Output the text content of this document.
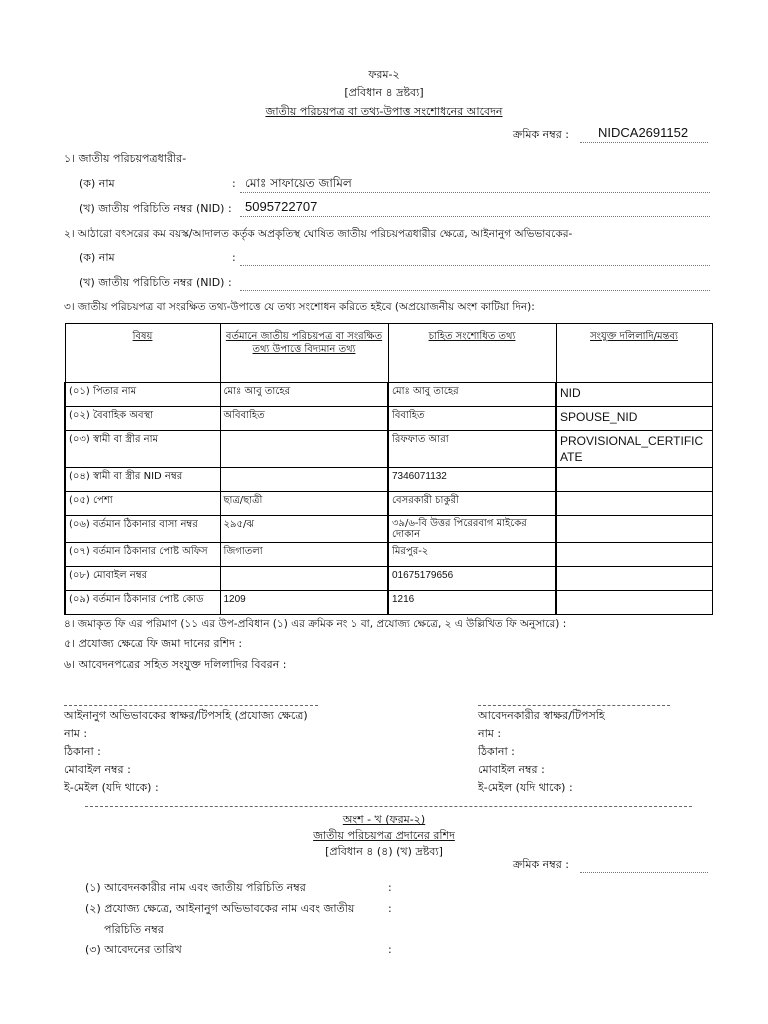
ফরম-২
[প্রবিধান ৪ দ্রষ্টব্য]
জাতীয় পরিচয়পত্র বা তথ্য-উপাত্ত সংশোধনের আবেদন
ক্রমিক নম্বর : NIDCA2691152
১। জাতীয় পরিচয়পত্রধারীর-
(ক) নাম	: মোঃ সাফায়েত জামিল
(খ) জাতীয় পরিচিতি নম্বর (NID) : 5095722707
২। আঠারো বৎসরের কম বয়স্ক/আদালত কর্তৃক অপ্রকৃতিস্থ ঘোষিত জাতীয় পরিচয়পত্রধারীর ক্ষেত্রে, আইনানুগ অভিভাবকের-
(ক) নাম	:
(খ) জাতীয় পরিচিতি নম্বর (NID) :
৩। জাতীয় পরিচয়পত্র বা সংরক্ষিত তথ্য-উপাত্তে যে তথ্য সংশোধন করিতে হইবে (অপ্রয়োজনীয় অংশ কাটিয়া দিন):
বিষয়	বর্তমানে জাতীয় পরিচয়পত্র বা সংরক্ষিত তথ্য উপাত্তে বিদ্যমান তথ্য	চাহিত সংশোধিত তথ্য	সংযুক্ত দলিলাদি/মন্তব্য
(০১) পিতার নাম	মোঃ আবু তাহের	মোঃ আবু তাহের	NID
(০২) বৈবাহিক অবস্থা	অবিবাহিত	বিবাহিত	SPOUSE_NID
(০৩) স্বামী বা স্ত্রীর নাম		রিফফাত আরা	PROVISIONAL_CERTIFIC ATE
(০৪) স্বামী বা স্ত্রীর NID নম্বর		7346071132	
(০৫) পেশা	ছাত্র/ছাত্রী	বেসরকারী চাকুরী	
(০৬) বর্তমান ঠিকানার বাসা নম্বর	২৯৫/ঝ	৩৯/৬-বি উত্তর পিরেরবাগ মাইকের দোকান	
(০৭) বর্তমান ঠিকানার পোষ্ট অফিস	জিগাতলা	মিরপুর-২	
(০৮) মোবাইল নম্বর		01675179656	
(০৯) বর্তমান ঠিকানার পোষ্ট কোড	1209	1216	
৪। জমাকৃত ফি এর পরিমাণ (১১ এর উপ-প্রবিধান (১) এর ক্রমিক নং ১ বা, প্রযোজ্য ক্ষেত্রে, ২ এ উল্লিখিত ফি অনুসারে) :
৫। প্রযোজ্য ক্ষেত্রে ফি জমা দানের রশিদ :
৬। আবেদনপত্রের সহিত সংযুক্ত দলিলাদির বিবরন :
আইনানুগ অভিভাবকের স্বাক্ষর/টিপসহি (প্রযোজ্য ক্ষেত্রে)
নাম :
ঠিকানা :
মোবাইল নম্বর :
ই-মেইল (যদি থাকে) :
আবেদনকারীর স্বাক্ষর/টিপসহি
নাম :
ঠিকানা :
মোবাইল নম্বর :
ই-মেইল (যদি থাকে) :
অংশ - খ (ফরম-২)
জাতীয় পরিচয়পত্র প্রদানের রশিদ
[প্রবিধান ৪ (৪) (খ) দ্রষ্টব্য]
ক্রমিক নম্বর :
(১) আবেদনকারীর নাম এবং জাতীয় পরিচিতি নম্বর	:
(২) প্রযোজ্য ক্ষেত্রে, আইনানুগ অভিভাবকের নাম এবং জাতীয়	:
পরিচিতি নম্বর
(৩) আবেদনের তারিখ	:
